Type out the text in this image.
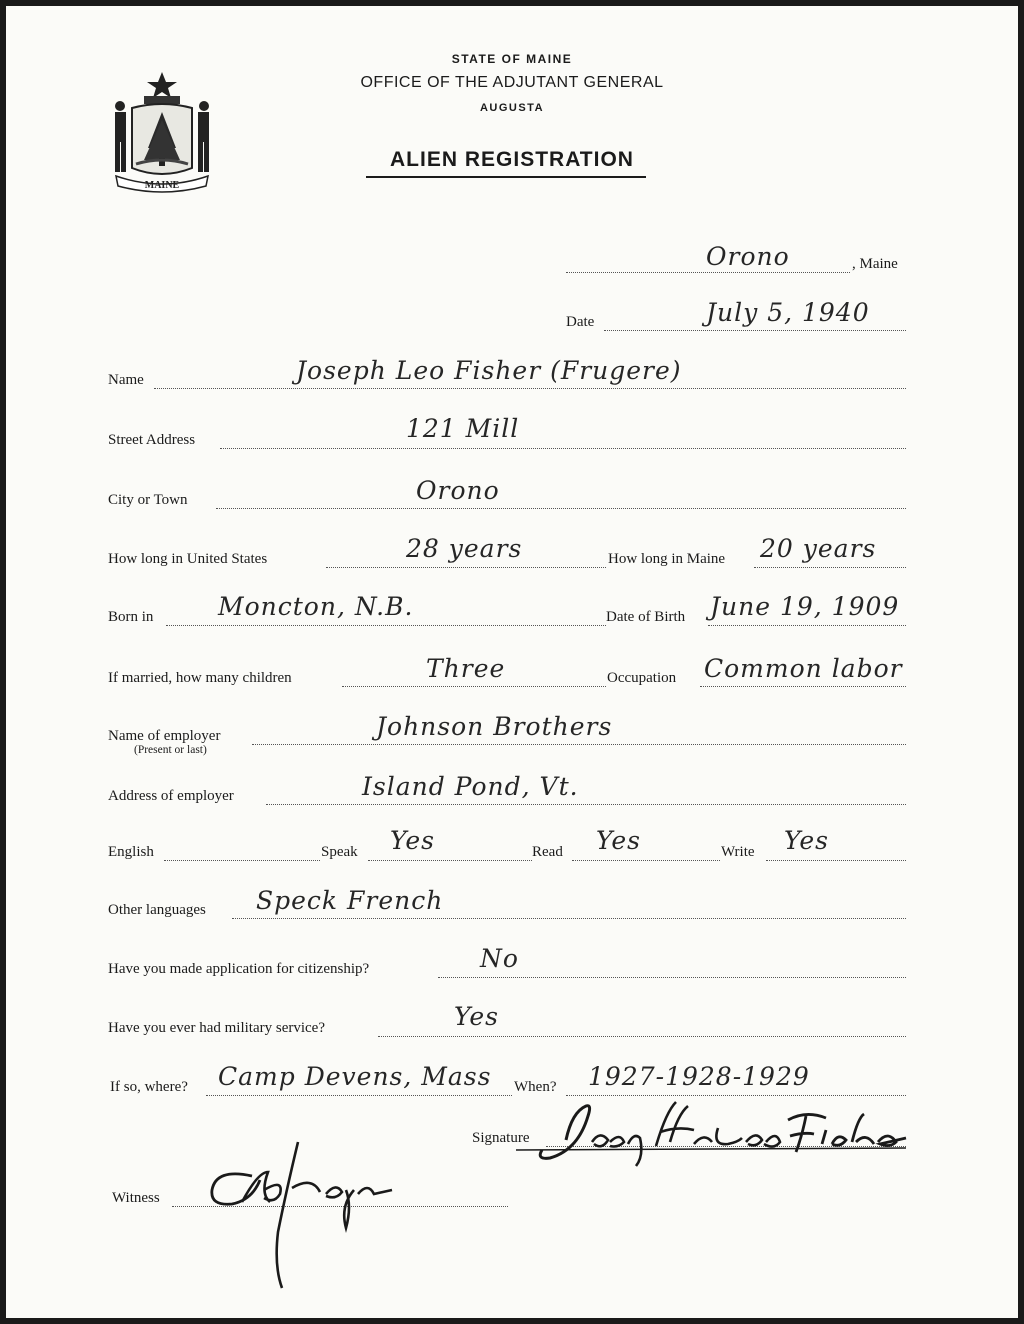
MAINE
STATE OF MAINE
OFFICE OF THE ADJUTANT GENERAL
AUGUSTA
ALIEN REGISTRATION
Orono	, Maine
Date	July 5, 1940
Name	Joseph Leo Fisher (Frugere)
Street Address	121 Mill
City or Town	Orono
How long in United States	28 years	How long in Maine 20 years
Born in	Moncton, N.B.	Date of Birth June 19, 1909
If married, how many children	Three	Occupation Common labor
Name of employer
(Present or last)
Johnson Brothers
Address of employer	Island Pond, Vt.
English	Speak Yes	Read Yes	Write Yes
Other languages Speck French
Have you made application for citizenship?	No
Have you ever had military service?	Yes
If so, where? Camp Devens, Mass When? 1927-1928-1929
Signature
Witness
